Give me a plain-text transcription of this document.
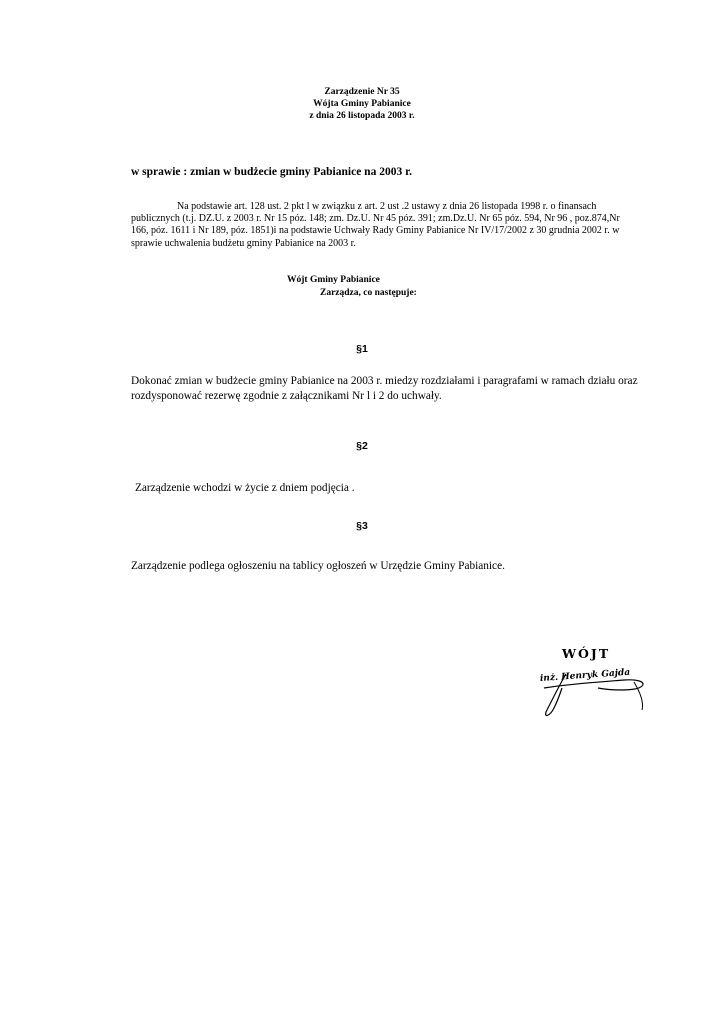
Zarządzenie Nr 35
Wójta Gminy Pabianice
z dnia 26 listopada 2003 r.
w sprawie : zmian w budżecie gminy Pabianice na 2003 r.
Na podstawie art. 128 ust. 2 pkt l w związku z art. 2 ust .2 ustawy z dnia 26 listopada 1998 r. o finansach publicznych (t.j. DZ.U. z 2003 r. Nr 15 póz. 148; zm. Dz.U. Nr 45 póz. 391; zm.Dz.U. Nr 65 póz. 594, Nr 96 , poz.874,Nr 166, póz. 1611 i Nr 189, póz. 1851)i na podstawie Uchwały Rady Gminy Pabianice Nr IV/17/2002 z 30 grudnia 2002 r. w sprawie uchwalenia budżetu gminy Pabianice na 2003 r.
Wójt Gminy Pabianice
Zarządza, co następuje:
§1
Dokonać zmian w budżecie gminy Pabianice na 2003 r. miedzy rozdziałami i paragrafami w ramach działu oraz rozdysponować rezerwę zgodnie z załącznikami Nr l i 2 do uchwały.
§2
Zarządzenie wchodzi w życie z dniem podjęcia .
§3
Zarządzenie podlega ogłoszeniu na tablicy ogłoszeń w Urzędzie Gminy Pabianice.
WÓJT
inż. Henryk Gajda
